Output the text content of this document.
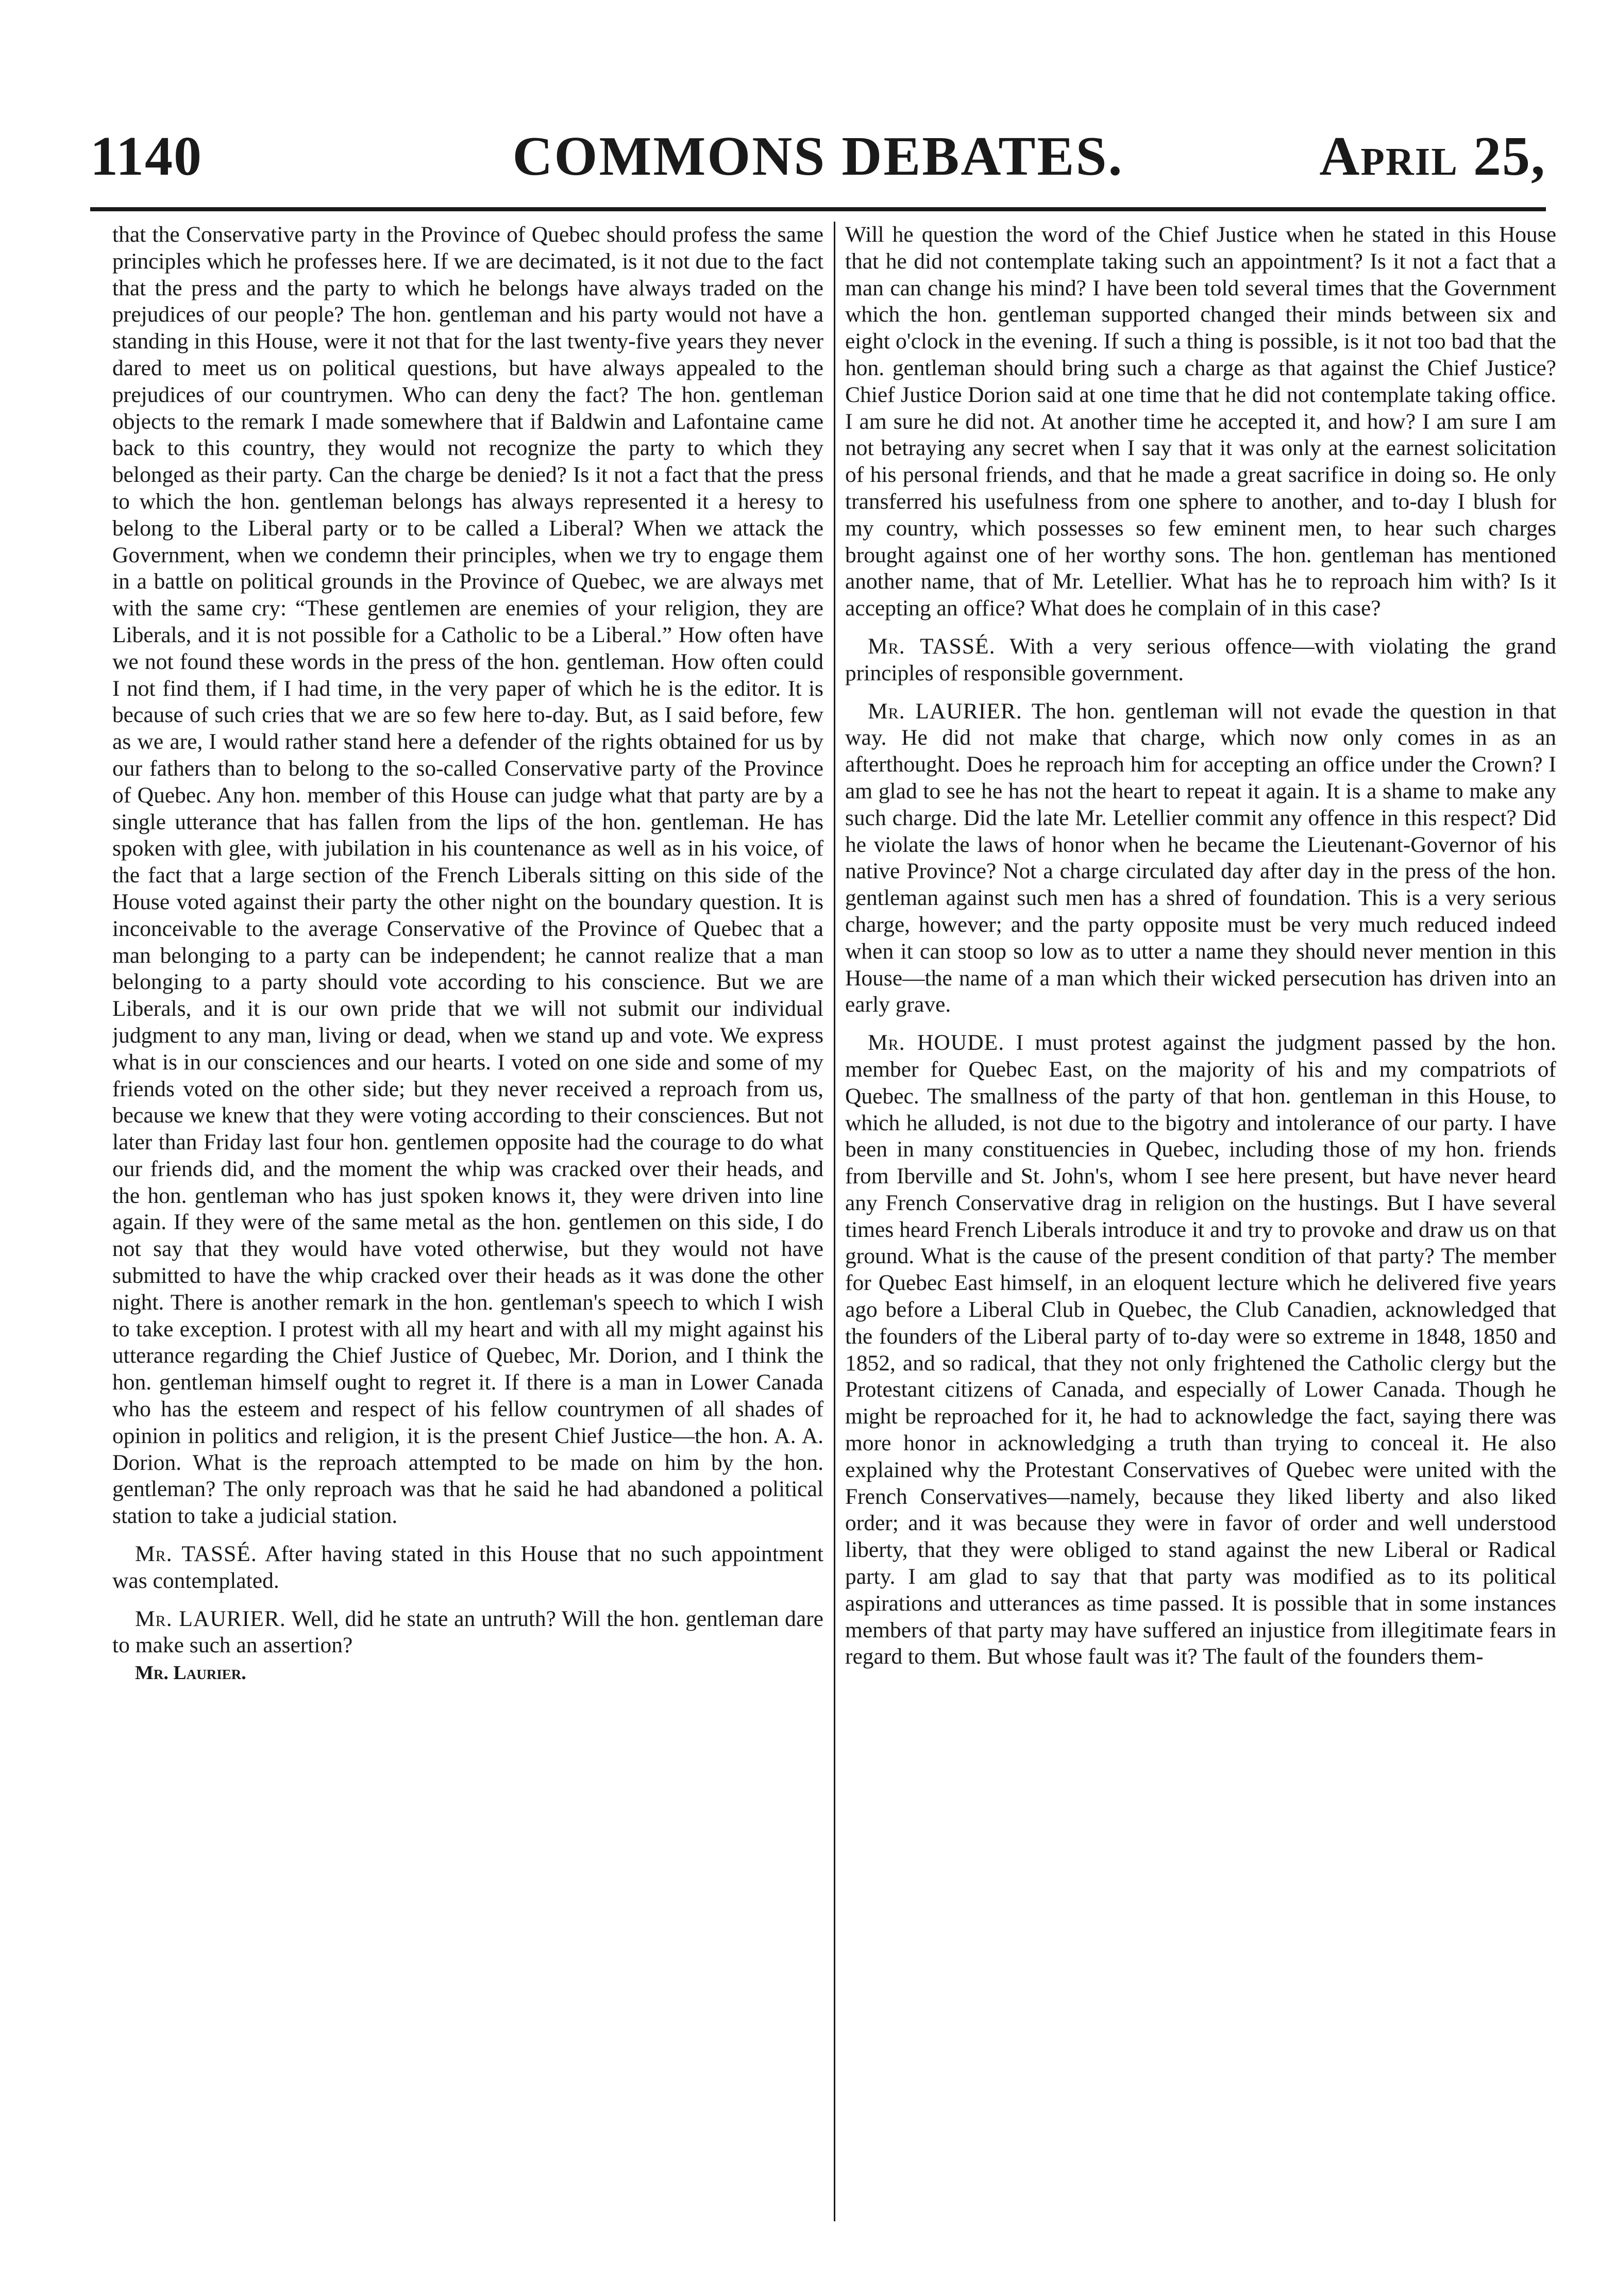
1140	COMMONS DEBATES.	April 25,

that the Conservative party in the Province of Quebec should profess the same principles which he professes here. If we are decimated, is it not due to the fact that the press and the party to which he belongs have always traded on the prejudices of our people? The hon. gentleman and his party would not have a standing in this House, were it not that for the last twenty-five years they never dared to meet us on political questions, but have always appealed to the prejudices of our countrymen. Who can deny the fact? The hon. gentleman objects to the remark I made somewhere that if Baldwin and Lafontaine came back to this country, they would not recognize the party to which they belonged as their party. Can the charge be denied? Is it not a fact that the press to which the hon. gentleman belongs has always represented it a heresy to belong to the Liberal party or to be called a Liberal? When we attack the Government, when we condemn their principles, when we try to engage them in a battle on political grounds in the Province of Quebec, we are always met with the same cry: “These gentlemen are enemies of your religion, they are Liberals, and it is not possible for a Catholic to be a Liberal.” How often have we not found these words in the press of the hon. gentleman. How often could I not find them, if I had time, in the very paper of which he is the editor. It is because of such cries that we are so few here to-day. But, as I said before, few as we are, I would rather stand here a defender of the rights obtained for us by our fathers than to belong to the so-called Conservative party of the Province of Quebec. Any hon. member of this House can judge what that party are by a single utterance that has fallen from the lips of the hon. gentleman. He has spoken with glee, with jubilation in his countenance as well as in his voice, of the fact that a large section of the French Liberals sitting on this side of the House voted against their party the other night on the boundary question. It is inconceivable to the average Conservative of the Province of Quebec that a man belonging to a party can be independent; he cannot realize that a man belonging to a party should vote according to his conscience. But we are Liberals, and it is our own pride that we will not submit our individual judgment to any man, living or dead, when we stand up and vote. We express what is in our consciences and our hearts. I voted on one side and some of my friends voted on the other side; but they never received a reproach from us, because we knew that they were voting according to their consciences. But not later than Friday last four hon. gentlemen opposite had the courage to do what our friends did, and the moment the whip was cracked over their heads, and the hon. gentleman who has just spoken knows it, they were driven into line again. If they were of the same metal as the hon. gentlemen on this side, I do not say that they would have voted otherwise, but they would not have submitted to have the whip cracked over their heads as it was done the other night. There is another remark in the hon. gentleman's speech to which I wish to take exception. I protest with all my heart and with all my might against his utterance regarding the Chief Justice of Quebec, Mr. Dorion, and I think the hon. gentleman himself ought to regret it. If there is a man in Lower Canada who has the esteem and respect of his fellow countrymen of all shades of opinion in politics and religion, it is the present Chief Justice—the hon. A. A. Dorion. What is the reproach attempted to be made on him by the hon. gentleman? The only reproach was that he said he had abandoned a political station to take a judicial station.

Mr. TASSÉ. After having stated in this House that no such appointment was contemplated.

Mr. LAURIER. Well, did he state an untruth? Will the hon. gentleman dare to make such an assertion?

Mr. Laurier.

Will he question the word of the Chief Justice when he stated in this House that he did not contemplate taking such an appointment? Is it not a fact that a man can change his mind? I have been told several times that the Government which the hon. gentleman supported changed their minds between six and eight o'clock in the evening. If such a thing is possible, is it not too bad that the hon. gentleman should bring such a charge as that against the Chief Justice? Chief Justice Dorion said at one time that he did not contemplate taking office. I am sure he did not. At another time he accepted it, and how? I am sure I am not betraying any secret when I say that it was only at the earnest solicitation of his personal friends, and that he made a great sacrifice in doing so. He only transferred his usefulness from one sphere to another, and to-day I blush for my country, which possesses so few eminent men, to hear such charges brought against one of her worthy sons. The hon. gentleman has mentioned another name, that of Mr. Letellier. What has he to reproach him with? Is it accepting an office? What does he complain of in this case?

Mr. TASSÉ. With a very serious offence—with violating the grand principles of responsible government.

Mr. LAURIER. The hon. gentleman will not evade the question in that way. He did not make that charge, which now only comes in as an afterthought. Does he reproach him for accepting an office under the Crown? I am glad to see he has not the heart to repeat it again. It is a shame to make any such charge. Did the late Mr. Letellier commit any offence in this respect? Did he violate the laws of honor when he became the Lieutenant-Governor of his native Province? Not a charge circulated day after day in the press of the hon. gentleman against such men has a shred of foundation. This is a very serious charge, however; and the party opposite must be very much reduced indeed when it can stoop so low as to utter a name they should never mention in this House—the name of a man which their wicked persecution has driven into an early grave.

Mr. HOUDE. I must protest against the judgment passed by the hon. member for Quebec East, on the majority of his and my compatriots of Quebec. The smallness of the party of that hon. gentleman in this House, to which he alluded, is not due to the bigotry and intolerance of our party. I have been in many constituencies in Quebec, including those of my hon. friends from Iberville and St. John's, whom I see here present, but have never heard any French Conservative drag in religion on the hustings. But I have several times heard French Liberals introduce it and try to provoke and draw us on that ground. What is the cause of the present condition of that party? The member for Quebec East himself, in an eloquent lecture which he delivered five years ago before a Liberal Club in Quebec, the Club Canadien, acknowledged that the founders of the Liberal party of to-day were so extreme in 1848, 1850 and 1852, and so radical, that they not only frightened the Catholic clergy but the Protestant citizens of Canada, and especially of Lower Canada. Though he might be reproached for it, he had to acknowledge the fact, saying there was more honor in acknowledging a truth than trying to conceal it. He also explained why the Protestant Conservatives of Quebec were united with the French Conservatives—namely, because they liked liberty and also liked order; and it was because they were in favor of order and well understood liberty, that they were obliged to stand against the new Liberal or Radical party. I am glad to say that that party was modified as to its political aspirations and utterances as time passed. It is possible that in some instances members of that party may have suffered an injustice from illegitimate fears in regard to them. But whose fault was it? The fault of the founders them-
